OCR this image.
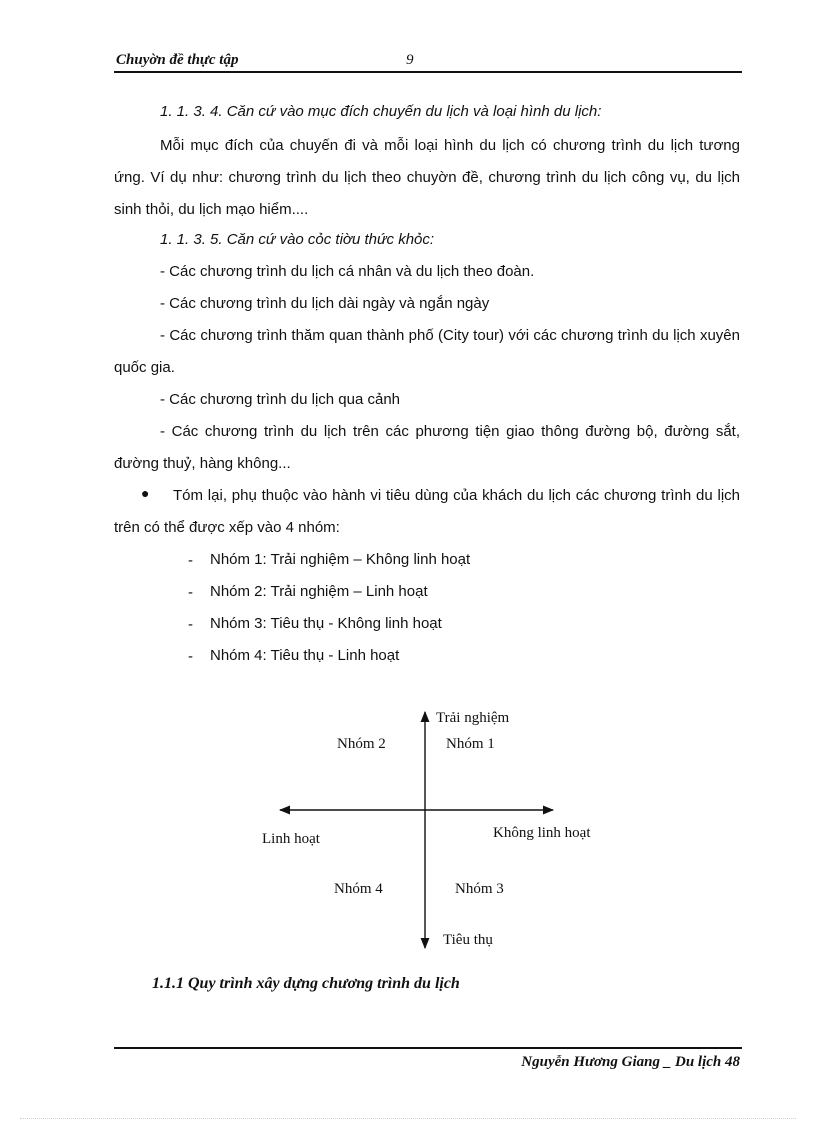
Chuyờn đề thực tập	9
1. 1. 3. 4. Căn cứ vào mục đích chuyến du lịch và loại hình du lịch:
Mỗi mục đích của chuyến đi và mỗi loại hình du lịch có chương trình du lịch tương ứng. Ví dụ như: chương trình du lịch theo chuyờn đề, chương trình du lịch công vụ, du lịch sinh thỏi, du lịch mạo hiểm....
1. 1. 3. 5. Căn cứ vào cỏc tiờu thức khỏc:
- Các chương trình du lịch cá nhân và du lịch theo đoàn.
- Các chương trình du lịch dài ngày và ngắn ngày
- Các chương trình thăm quan thành phố (City tour) với các chương trình du lịch xuyên quốc gia.
- Các chương trình du lịch qua cảnh
- Các chương trình du lịch trên các phương tiện giao thông đường bộ, đường sắt, đường thuỷ, hàng không...
●	Tóm lại, phụ thuộc vào hành vi tiêu dùng của khách du lịch các chương trình du lịch trên có thể được xếp vào 4 nhóm:
- Nhóm 1: Trải nghiệm – Không linh hoạt
- Nhóm 2: Trải nghiệm – Linh hoạt
- Nhóm 3: Tiêu thụ - Không linh hoạt
- Nhóm 4: Tiêu thụ - Linh hoạt
Trải nghiệm
Nhóm 2	Nhóm 1
Linh hoạt	Không linh hoạt
Nhóm 4	Nhóm 3
Tiêu thụ
1.1.1 Quy trình xây dựng chương trình du lịch
Nguyễn Hương Giang _ Du lịch 48
